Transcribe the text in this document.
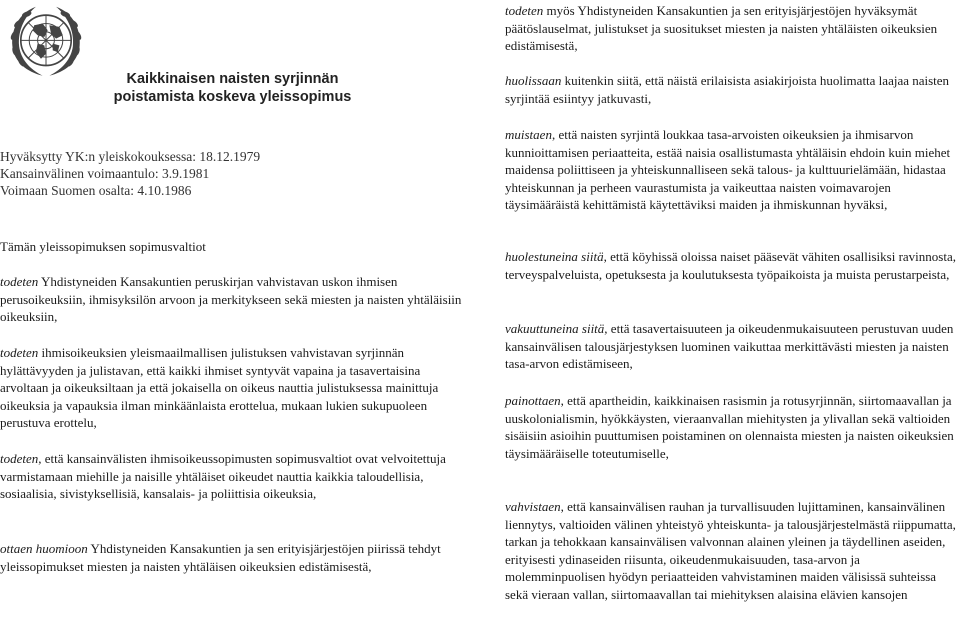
Kaikkinaisen naisten syrjinnän
poistamista koskeva yleissopimus
Hyväksytty YK:n yleiskokouksessa: 18.12.1979
Kansainvälinen voimaantulo: 3.9.1981
Voimaan Suomen osalta: 4.10.1986

Tämän yleissopimuksen sopimusvaltiot

todeten Yhdistyneiden Kansakuntien peruskirjan vahvistavan uskon ihmisen perusoikeuksiin, ihmisyksilön arvoon ja merkitykseen sekä miesten ja naisten yhtäläisiin oikeuksiin,

todeten ihmisoikeuksien yleismaailmallisen julistuksen vahvistavan syrjinnän hylättävyyden ja julistavan, että kaikki ihmiset syntyvät vapaina ja tasavertaisina arvoltaan ja oikeuksiltaan ja että jokaisella on oikeus nauttia julistuksessa mainittuja oikeuksia ja vapauksia ilman minkäänlaista erottelua, mukaan lukien sukupuoleen perustuva erottelu,

todeten, että kansainvälisten ihmisoikeussopimusten sopimusvaltiot ovat velvoitettuja varmistamaan miehille ja naisille yhtäläiset oikeudet nauttia kaikkia taloudellisia, sosiaalisia, sivistyksellisiä, kansalais- ja poliittisia oikeuksia,

ottaen huomioon Yhdistyneiden Kansakuntien ja sen erityisjärjestöjen piirissä tehdyt yleissopimukset miesten ja naisten yhtäläisen oikeuksien edistämisestä,

todeten myös Yhdistyneiden Kansakuntien ja sen erityisjärjestöjen hyväksymät päätöslauselmat, julistukset ja suositukset miesten ja naisten yhtäläisten oikeuksien edistämisestä,

huolissaan kuitenkin siitä, että näistä erilaisista asiakirjoista huolimatta laajaa naisten syrjintää esiintyy jatkuvasti,

muistaen, että naisten syrjintä loukkaa tasa-arvoisten oikeuksien ja ihmisarvon kunnioittamisen periaatteita, estää naisia osallistumasta yhtäläisin ehdoin kuin miehet maidensa poliittiseen ja yhteiskunnalliseen sekä talous- ja kulttuurielämään, hidastaa yhteiskunnan ja perheen vaurastumista ja vaikeuttaa naisten voimavarojen täysimääräistä kehittämistä käytettäviksi maiden ja ihmiskunnan hyväksi,

huolestuneina siitä, että köyhissä oloissa naiset pääsevät vähiten osallisiksi ravinnosta, terveyspalveluista, opetuksesta ja koulutuksesta työpaikoista ja muista perustarpeista,

vakuuttuneina siitä, että tasavertaisuuteen ja oikeudenmukaisuuteen perustuvan uuden kansainvälisen talousjärjestyksen luominen vaikuttaa merkittävästi miesten ja naisten tasa-arvon edistämiseen,

painottaen, että apartheidin, kaikkinaisen rasismin ja rotusyrjinnän, siirtomaavallan ja uuskolonialismin, hyökkäysten, vieraanvallan miehitysten ja ylivallan sekä valtioiden sisäisiin asioihin puuttumisen poistaminen on olennaista miesten ja naisten oikeuksien täysimääräiselle toteutumiselle,

vahvistaen, että kansainvälisen rauhan ja turvallisuuden lujittaminen, kansainvälinen liennytys, valtioiden välinen yhteistyö yhteiskunta- ja talousjärjestelmästä riippumatta, tarkan ja tehokkaan kansainvälisen valvonnan alainen yleinen ja täydellinen aseiden, erityisesti ydinaseiden riisunta, oikeudenmukaisuuden, tasa-arvon ja molemminpuolisen hyödyn periaatteiden vahvistaminen maiden välisissä suhteissa sekä vieraan vallan, siirtomaavallan tai miehityksen alaisina elävien kansojen
